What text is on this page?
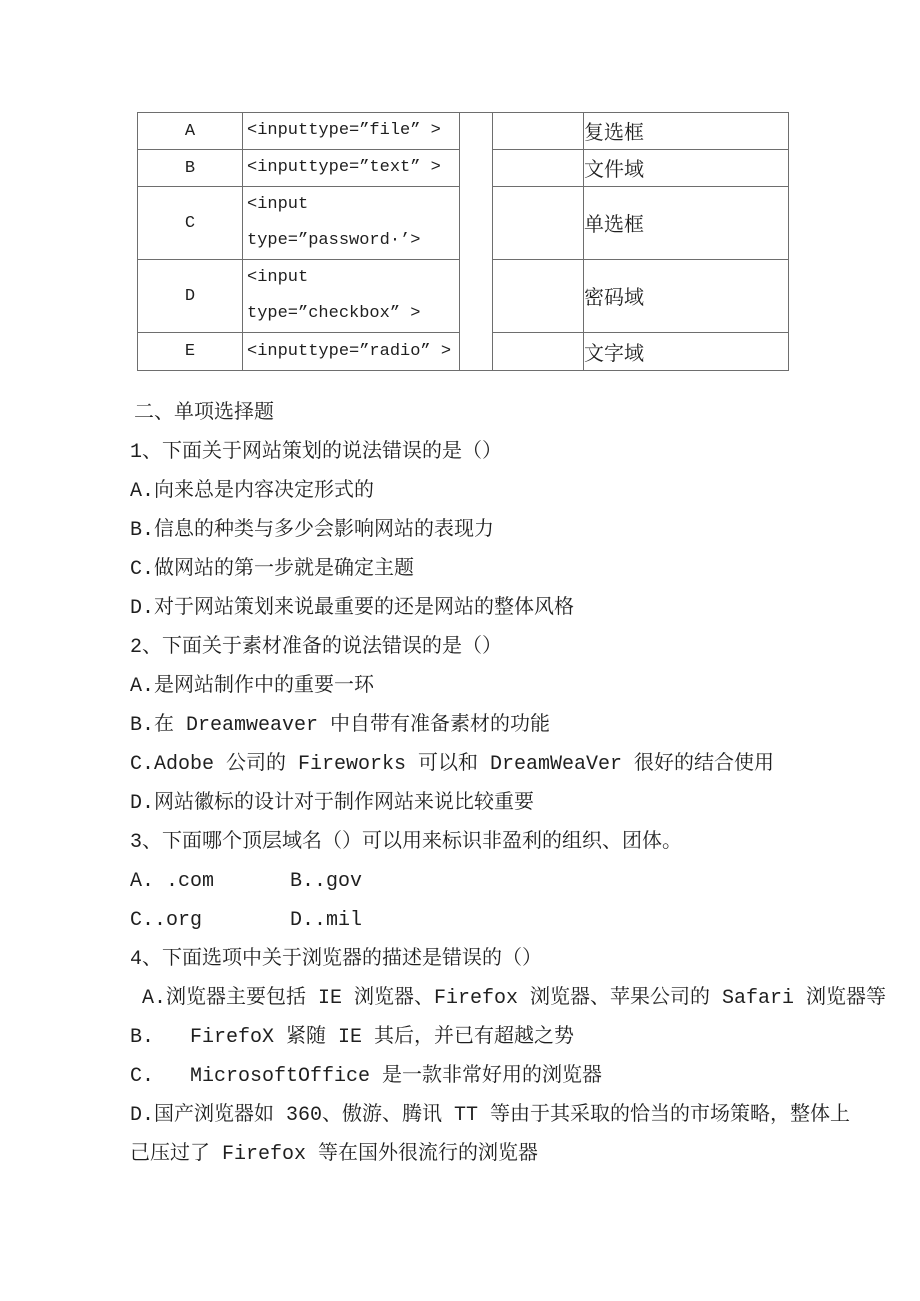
A	<inputtype=”file” >			复选框
B	<inputtype=”text” >			文件域
C	<input
type=”password·’>			单选框
D	<input
type=”checkbox” >			密码域
E	<inputtype=”radio” >			文字域

二、单项选择题

1、下面关于网站策划的说法错误的是（）

A.向来总是内容决定形式的

B.信息的种类与多少会影响网站的表现力

C.做网站的第一步就是确定主题

D.对于网站策划来说最重要的还是网站的整体风格

2、下面关于素材准备的说法错误的是（）

A.是网站制作中的重要一环

B.在 Dreamweaver 中自带有准备素材的功能

C.Adobe 公司的 Fireworks 可以和 DreamWeaVer 很好的结合使用

D.网站徽标的设计对于制作网站来说比较重要

3、下面哪个顶层域名（）可以用来标识非盈利的组织、团体。

A. .com	B..gov
C..org	D..mil

4、下面选项中关于浏览器的描述是错误的（）

A.浏览器主要包括 IE 浏览器、Firefox 浏览器、苹果公司的 Safari 浏览器等

B.   FirefoX 紧随 IE 其后，并已有超越之势

C.   MicrosoftOffice 是一款非常好用的浏览器

D.国产浏览器如 360、傲游、腾讯 TT 等由于其采取的恰当的市场策略，整体上

己压过了 Firefox 等在国外很流行的浏览器
